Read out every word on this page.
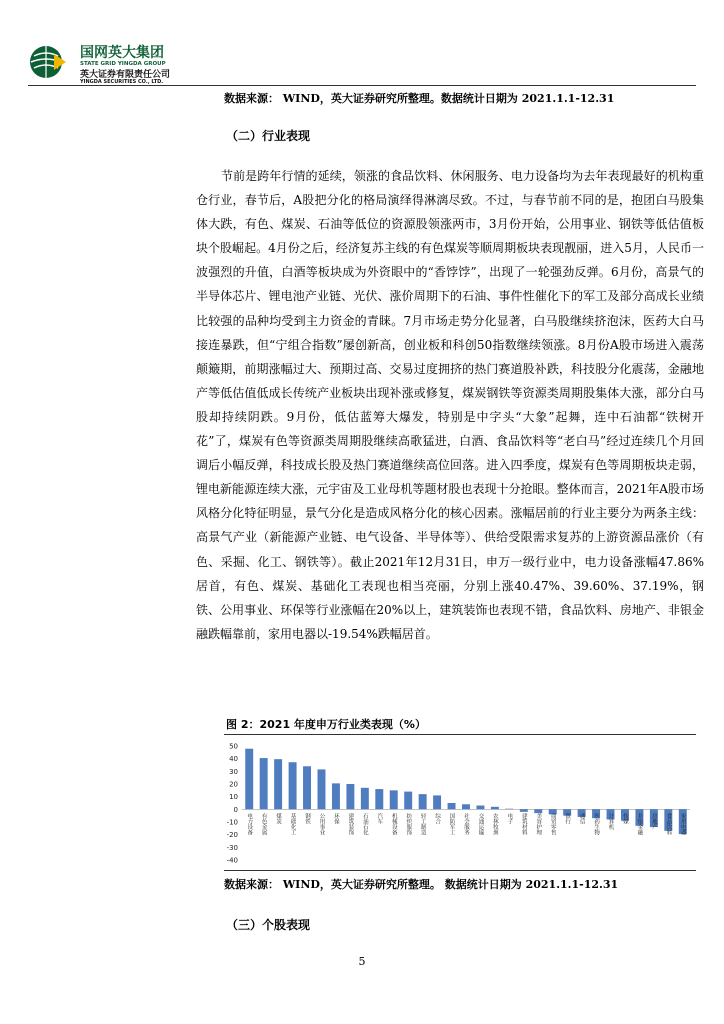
国网英大集团
STATE GRID YINGDA GROUP
英大证券有限责任公司
YINGDA SECURITIES CO., LTD.
数据来源： WIND，英大证券研究所整理。数据统计日期为 2021.1.1-12.31
（二）行业表现
节前是跨年行情的延续，领涨的食品饮料、休闲服务、电力设备均为去年表现最好的机构重仓行业，春节后，A股把分化的格局演绎得淋漓尽致。不过，与春节前不同的是，抱团白马股集体大跌，有色、煤炭、石油等低位的资源股领涨两市，3月份开始，公用事业、钢铁等低估值板块个股崛起。4月份之后，经济复苏主线的有色煤炭等顺周期板块表现靓丽，进入5月，人民币一波强烈的升值，白酒等板块成为外资眼中的“香饽饽”，出现了一轮强劲反弹。6月份，高景气的半导体芯片、锂电池产业链、光伏、涨价周期下的石油、事件性催化下的军工及部分高成长业绩比较强的品种均受到主力资金的青睐。7月市场走势分化显著，白马股继续挤泡沫，医药大白马接连暴跌，但“宁组合指数”屡创新高，创业板和科创50指数继续领涨。8月份A股市场进入震荡颠簸期，前期涨幅过大、预期过高、交易过度拥挤的热门赛道股补跌，科技股分化震荡，金融地产等低估值低成长传统产业板块出现补涨或修复，煤炭钢铁等资源类周期股集体大涨，部分白马股却持续阴跌。9月份，低估蓝筹大爆发，特别是中字头“大象”起舞，连中石油都“铁树开花”了，煤炭有色等资源类周期股继续高歌猛进，白酒、食品饮料等“老白马”经过连续几个月回调后小幅反弹，科技成长股及热门赛道继续高位回落。进入四季度，煤炭有色等周期板块走弱，锂电新能源连续大涨，元宇宙及工业母机等题材股也表现十分抢眼。整体而言，2021年A股市场风格分化特征明显，景气分化是造成风格分化的核心因素。涨幅居前的行业主要分为两条主线：高景气产业（新能源产业链、电气设备、半导体等）、供给受限需求复苏的上游资源品涨价（有色、采掘、化工、钢铁等）。截止2021年12月31日，申万一级行业中，电力设备涨幅47.86%居首，有色、煤炭、基础化工表现也相当亮丽，分别上涨40.47%、39.60%、37.19%，钢铁、公用事业、环保等行业涨幅在20%以上，建筑装饰也表现不错，食品饮料、房地产、非银金融跌幅靠前，家用电器以-19.54%跌幅居首。
图 2：2021 年度申万行业类表现（%）
50
40
30
20
10
0
-10
-20
-30
-40
电力设备 有色金属 煤炭 基础化工 钢铁 公用事业 环保 建筑装饰 石油石化 汽车 机械设备 纺织服饰 轻工制造 综合 国防军工 社会服务 交通运输 农林牧渔 电子 建筑材料 美容护理 商贸零售 银行 通信 医药生物 计算机 传媒 非银金融 房地产 食品饮料 家用电器
数据来源： WIND，英大证券研究所整理。 数据统计日期为 2021.1.1-12.31
（三）个股表现
5
